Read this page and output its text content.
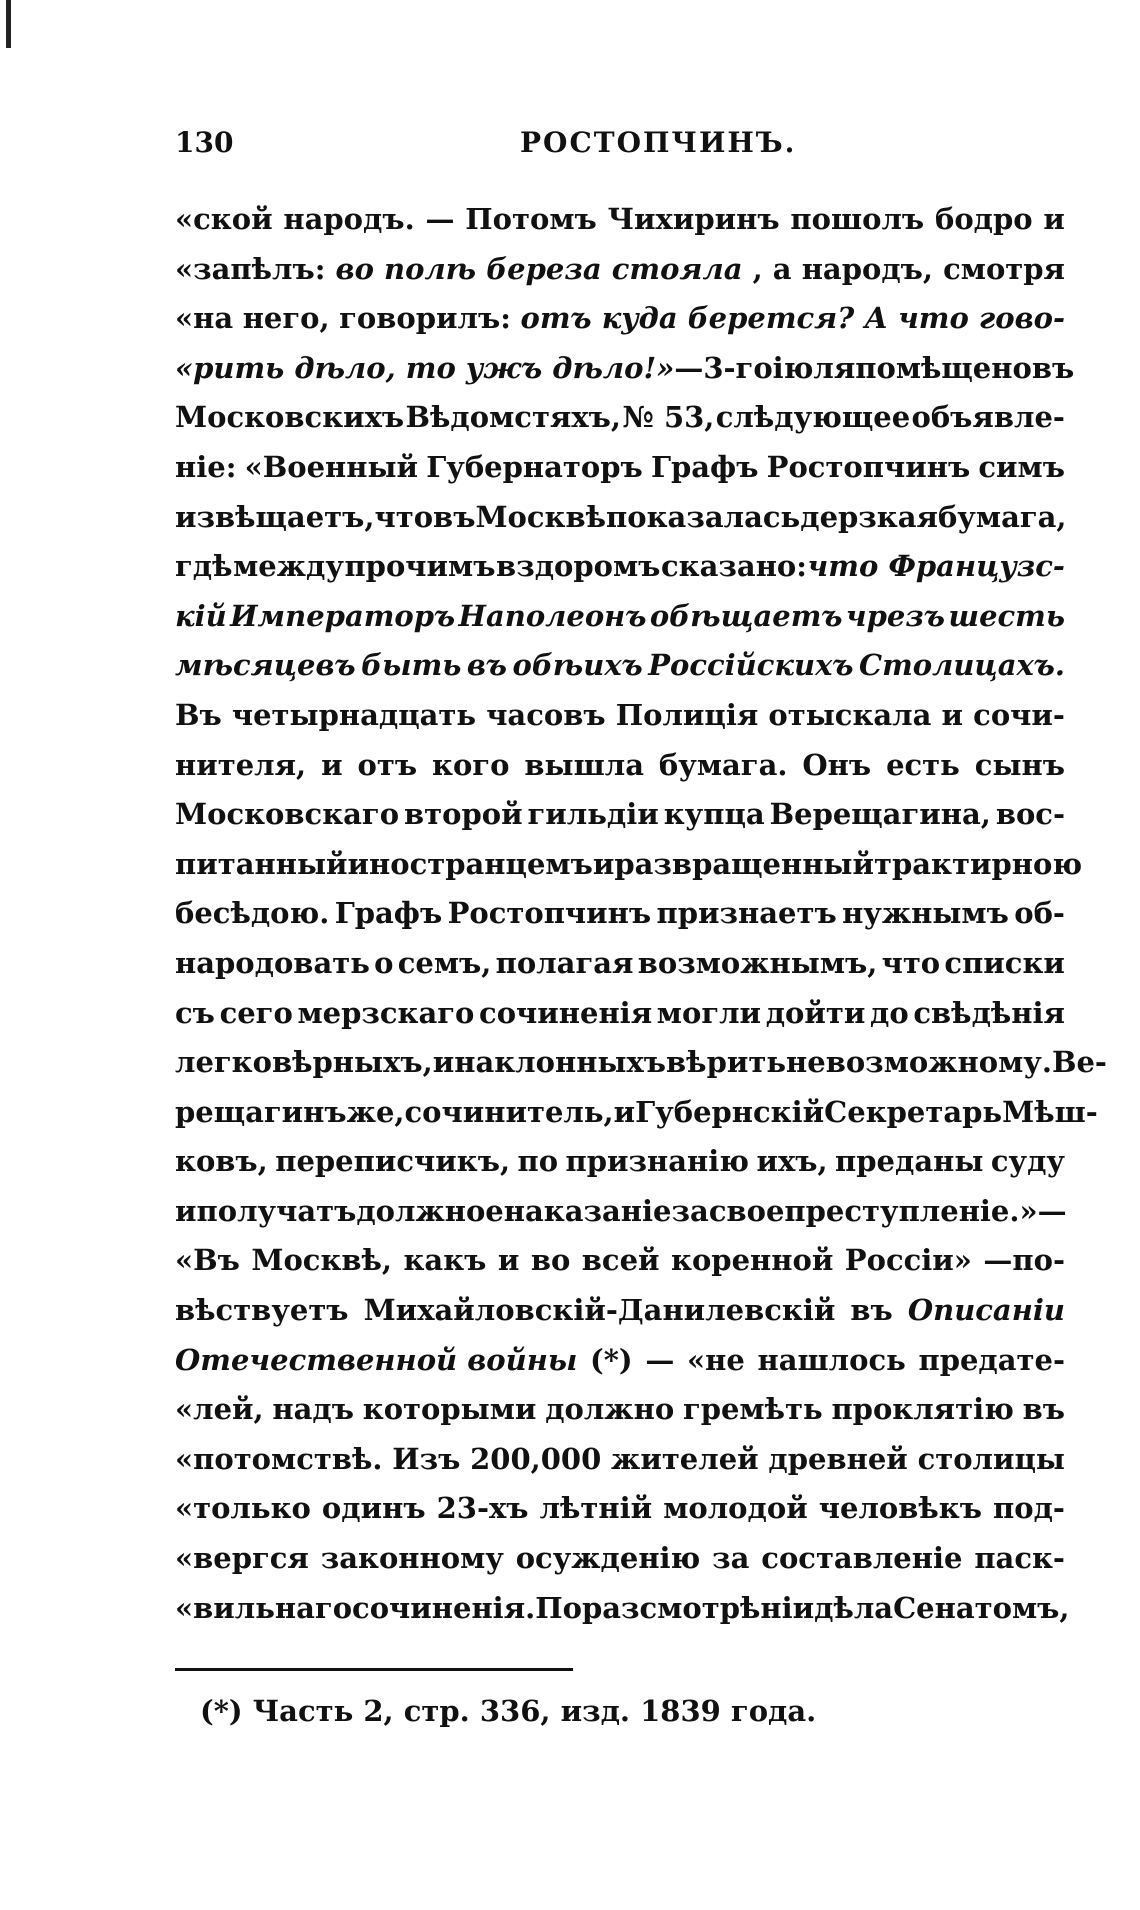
130	РОСТОПЧИНЪ.
«ской народъ. — Потомъ Чихиринъ пошолъ бодро и
«запѣлъ: во полѣ береза стояла , а народъ, смотря
«на него, говорилъ: отъ куда берется? А что гово-
«рить дѣло, то ужъ дѣло!» — 3-го іюля помѣщено въ
Московскихъ Вѣдомстяхъ, № 53, слѣдующее объявле-
ніе: «Военный Губернаторъ Графъ Ростопчинъ симъ
извѣщаетъ, что въ Москвѣ показалась дерзкая бумага,
гдѣ между прочимъ вздоромъ сказано: что Французс-
кій Императоръ Наполеонъ обѣщаетъ чрезъ шесть
мѣсяцевъ быть въ обѣихъ Россійскихъ Столицахъ.
Въ четырнадцать часовъ Полиція отыскала и сочи-
нителя, и отъ кого вышла бумага. Онъ есть сынъ
Московскаго второй гильдіи купца Верещагина, вос-
питанный иностранцемъ и развращенный трактирною
бесѣдою. Графъ Ростопчинъ признаетъ нужнымъ об-
народовать о семъ, полагая возможнымъ, что списки
съ сего мерзскаго сочиненія могли дойти до свѣдѣнія
легковѣрныхъ, и наклонныхъ вѣрить невозможному. Ве-
рещагинъ же, сочинитель, и Губернскій Секретарь Мѣш-
ковъ, переписчикъ, по признанію ихъ, преданы суду
и получатъ должное наказаніе за свое преступленіе.» —
«Въ Москвѣ, какъ и во всей коренной Россіи» —по-
вѣствуетъ Михайловскій-Данилевскій въ Описаніи
Отечественной войны (*) — «не нашлось предате-
«лей, надъ которыми должно гремѣть проклятію въ
«потомствѣ. Изъ 200,000 жителей древней столицы
«только одинъ 23-хъ лѣтній молодой человѣкъ под-
«вергся законному осужденію за составленіе паск-
«вильнаго сочиненія. По разсмотрѣніи дѣла Сенатомъ,
(*) Часть 2, стр. 336, изд. 1839 года.
